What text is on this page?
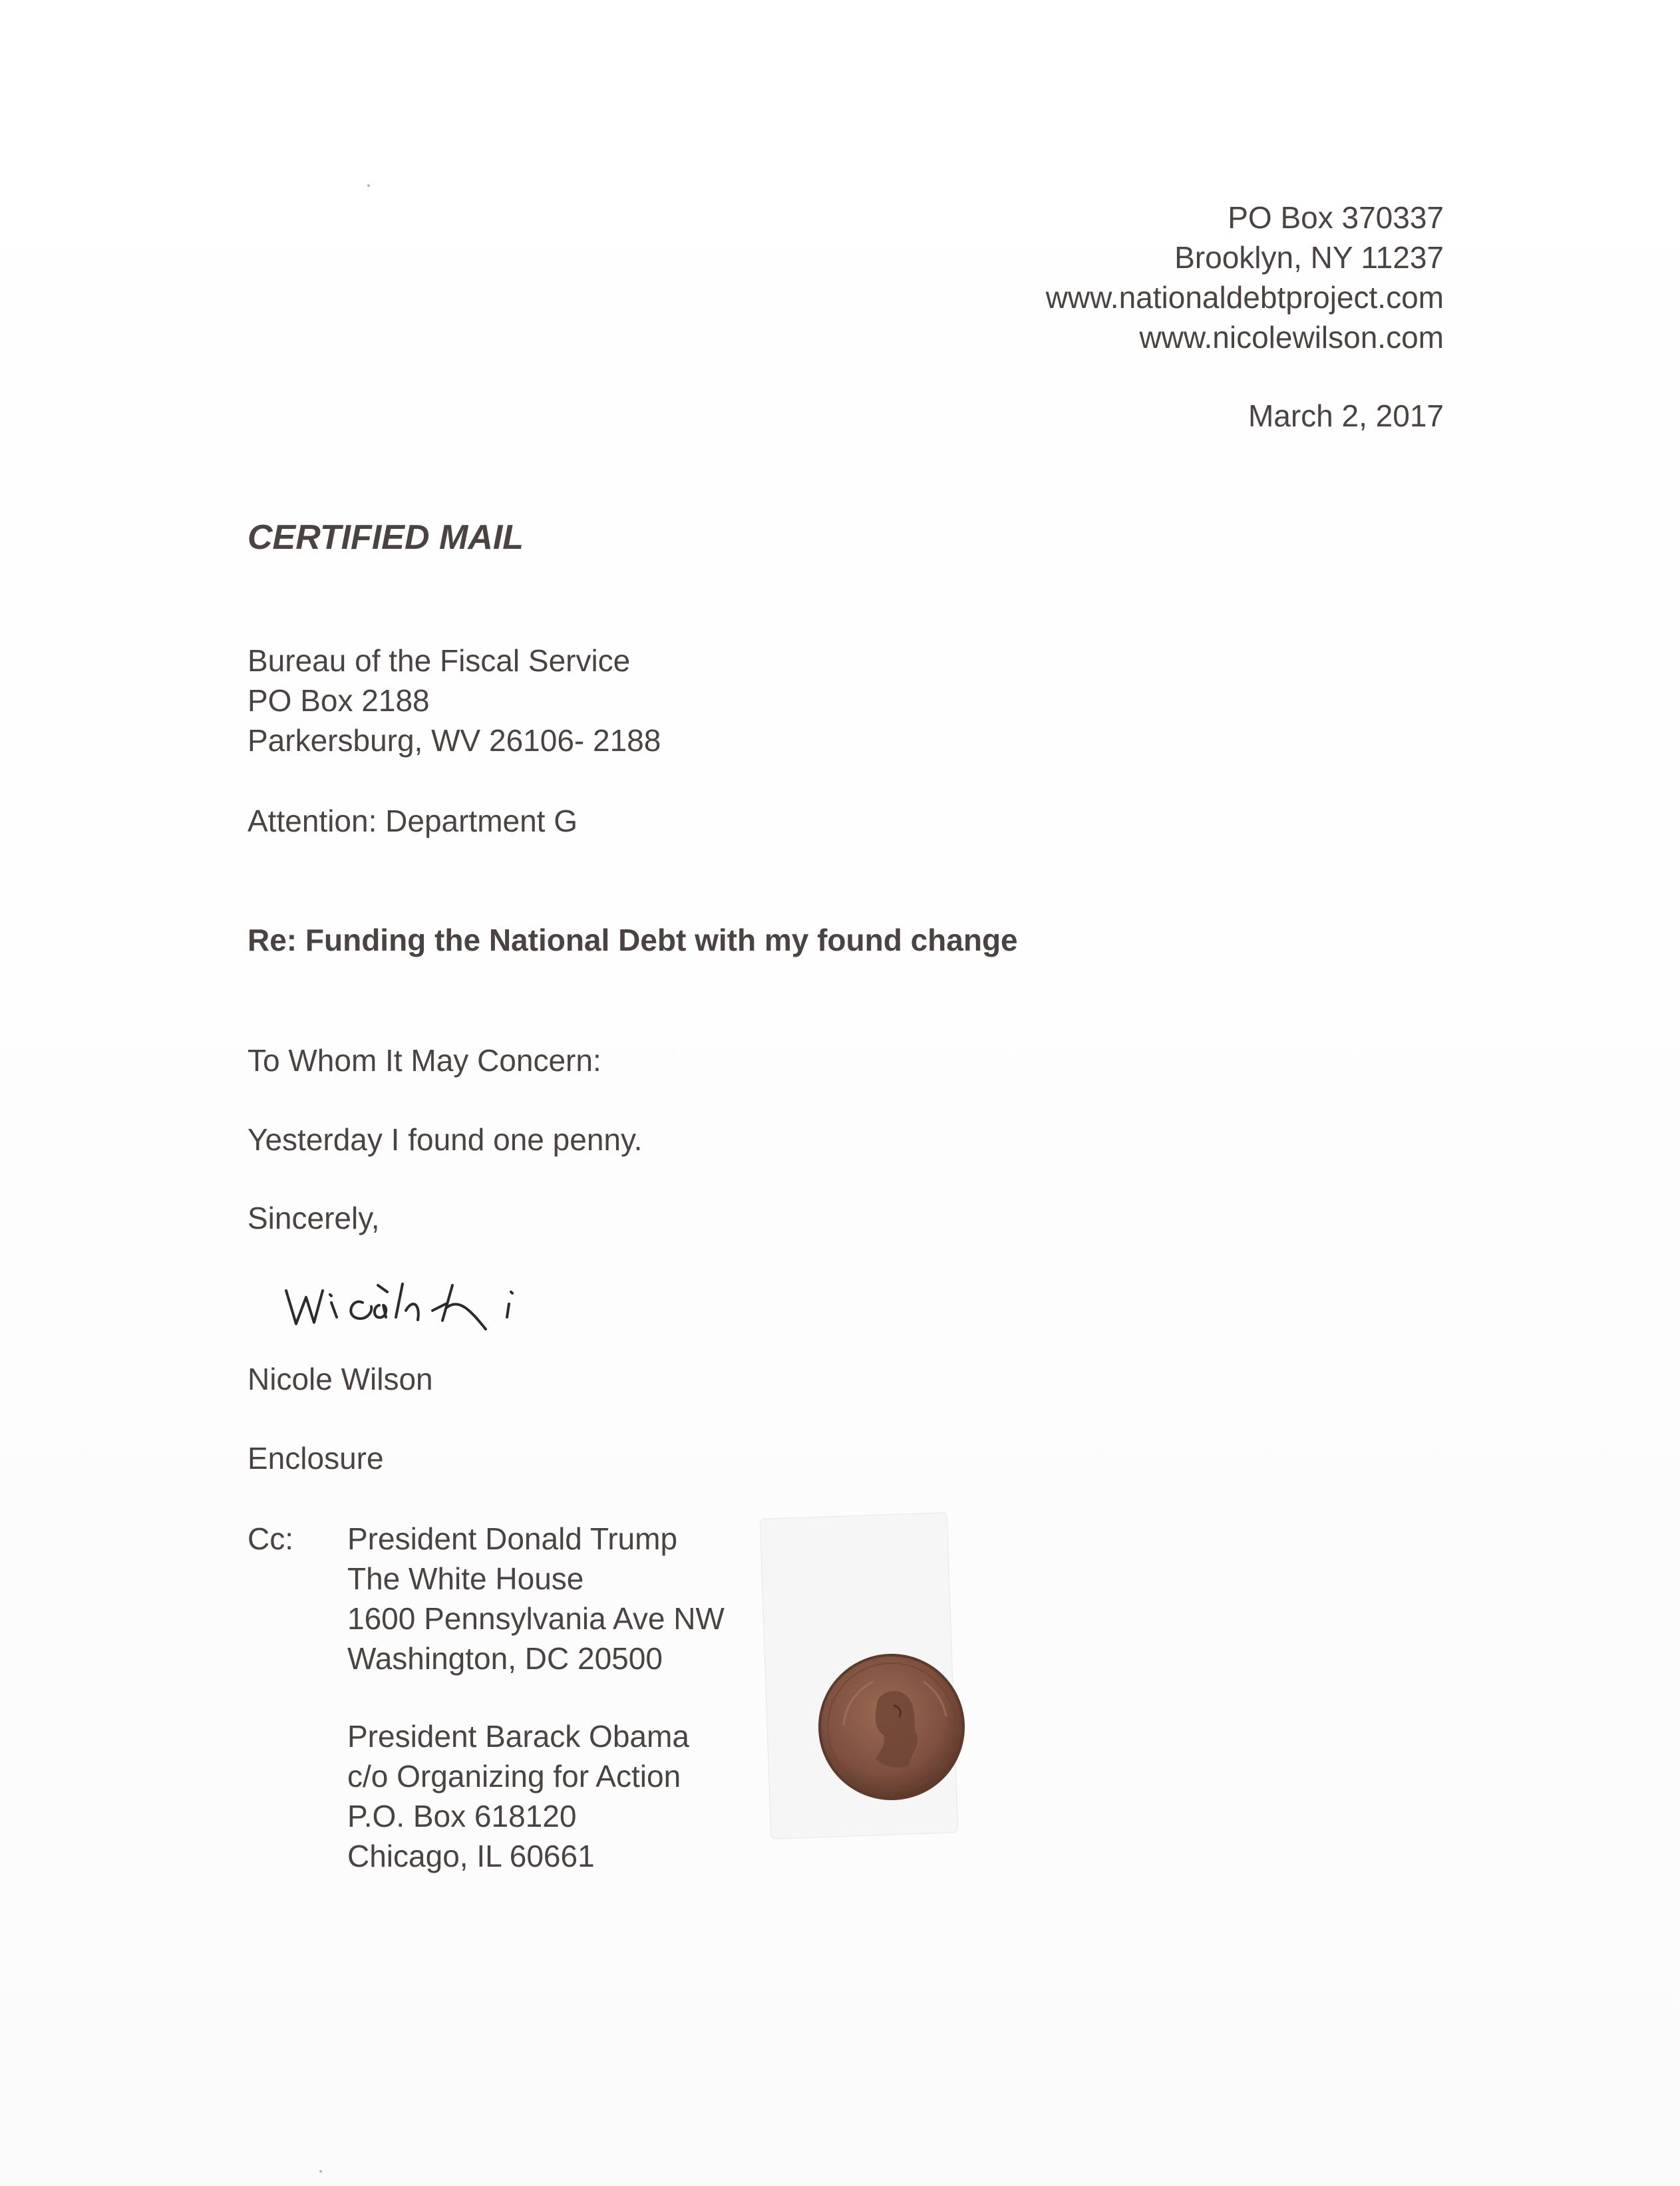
PO Box 370337
Brooklyn, NY 11237
www.nationaldebtproject.com
www.nicolewilson.com
March 2, 2017
CERTIFIED MAIL
Bureau of the Fiscal Service
PO Box 2188
Parkersburg, WV 26106- 2188
Attention: Department G
Re: Funding the National Debt with my found change
To Whom It May Concern:
Yesterday I found one penny.
Sincerely,
Nicole Wilson
Enclosure
Cc: President Donald Trump
The White House
1600 Pennsylvania Ave NW
Washington, DC 20500
President Barack Obama
c/o Organizing for Action
P.O. Box 618120
Chicago, IL 60661
